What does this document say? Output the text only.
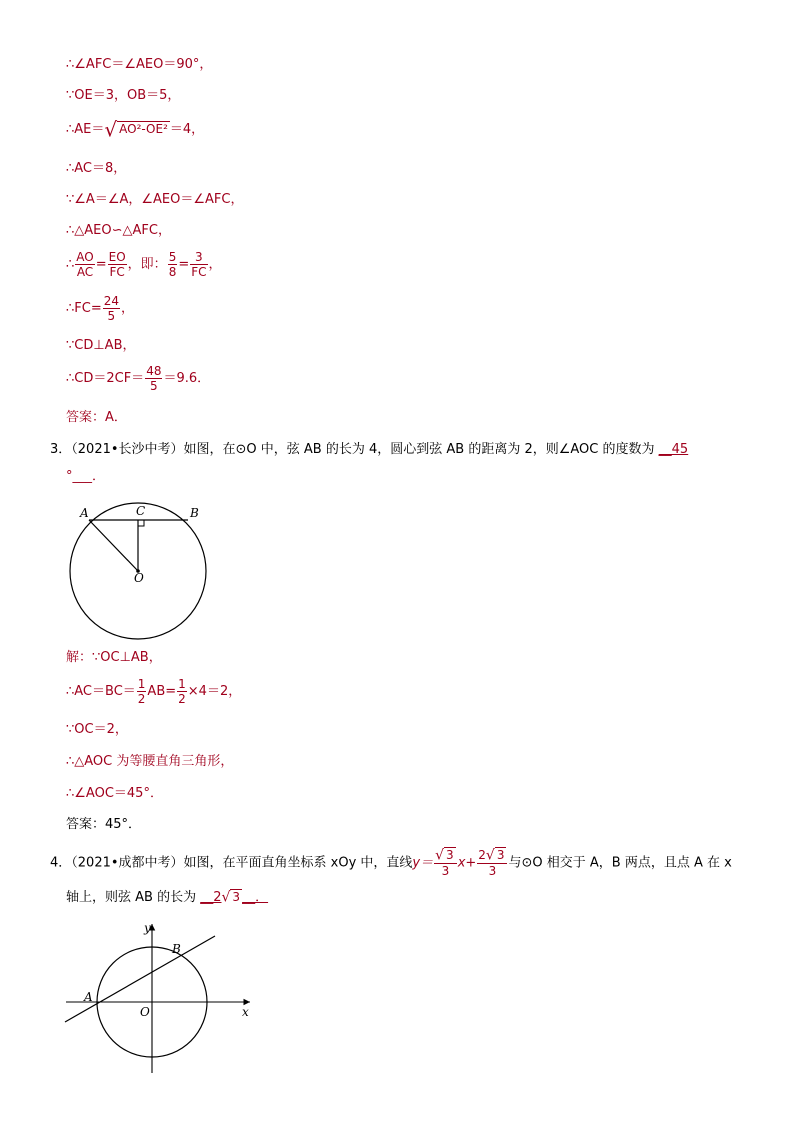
∴∠AFC＝∠AEO＝90°，
∵OE＝3，OB＝5，
∴AE＝√ AO²-OE² ＝4，
∴AC＝8，
∵∠A＝∠A，∠AEO＝∠AFC，
∴△AEO∽△AFC，
∴ $\frac{AO}{AC} = \frac{EO}{FC}$ ，即： $\frac{5}{8} = \frac{3}{FC}$ ，
∴FC= $\frac{24}{5}$ ，
∵CD⊥AB，
∴CD＝2CF＝ $\frac{48}{5} =9.6$．
答案：A．
3．（2021•长沙中考）如图，在⊙O 中，弦 AB 的长为 4，圆心到弦 AB 的距离为 2，则∠AOC 的度数为 __45
°___．
A	B
C
O
解：∵OC⊥AB，
∴AC＝BC＝ $\frac{1}{2} AB= \frac{1}{2} \times 4=2$，
∵OC＝2，
∴△AOC 为等腰直角三角形，
∴∠AOC＝45°．
答案：45°．
4．（2021•成都中考）如图，在平面直角坐标系 xOy 中，直线$y= \frac{√ 3}{3} x+ \frac{2√ 3}{3}$ 与⊙O 相交于 A，B 两点，且点 A 在 x
轴上，则弦 AB 的长为 __2√ 3 __．
y
x
O
A
B
